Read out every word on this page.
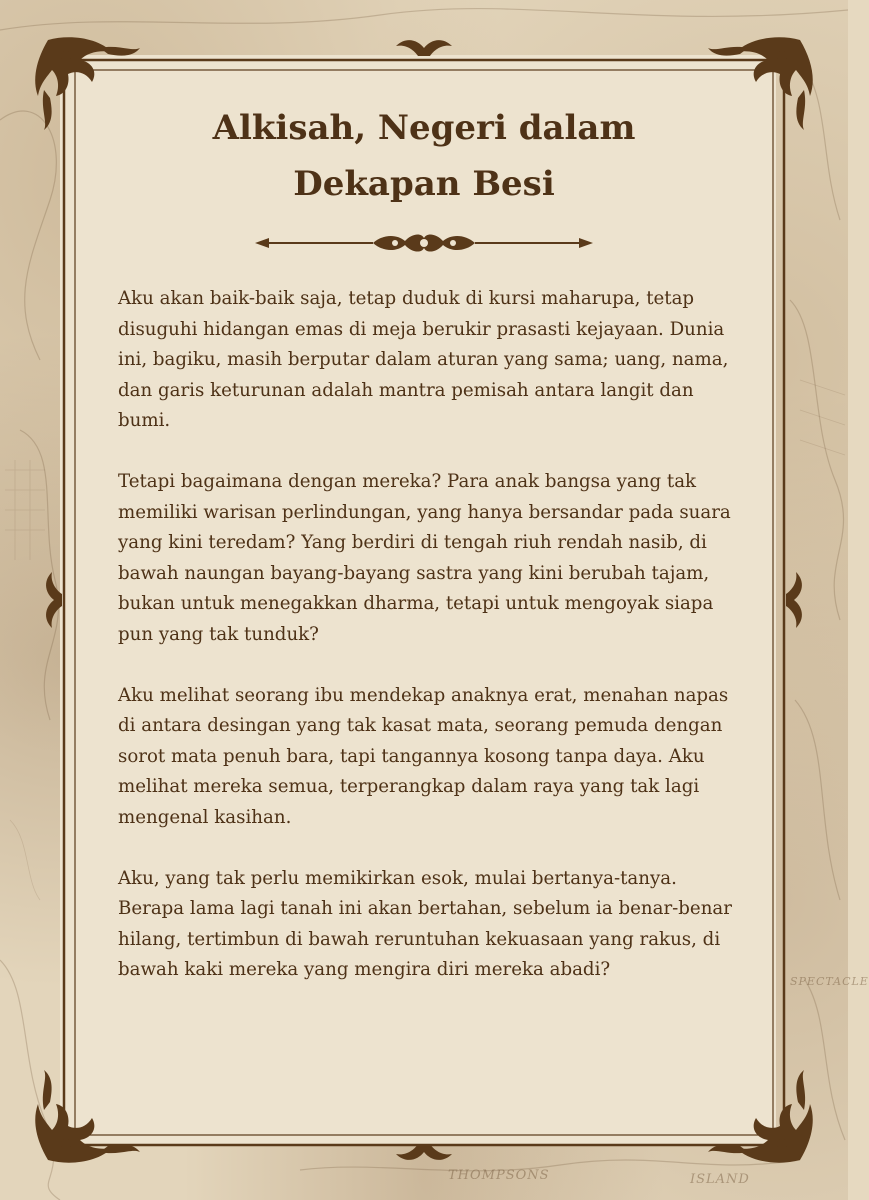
THOMPSONS	ISLAND
SPECTACLE
Alkisah, Negeri dalam
Dekapan Besi

Aku akan baik-baik saja, tetap duduk di kursi maharupa, tetap disuguhi hidangan emas di meja berukir prasasti kejayaan. Dunia ini, bagiku, masih berputar dalam aturan yang sama; uang, nama, dan garis keturunan adalah mantra pemisah antara langit dan bumi.

Tetapi bagaimana dengan mereka? Para anak bangsa yang tak memiliki warisan perlindungan, yang hanya bersandar pada suara yang kini teredam? Yang berdiri di tengah riuh rendah nasib, di bawah naungan bayang-bayang sastra yang kini berubah tajam, bukan untuk menegakkan dharma, tetapi untuk mengoyak siapa pun yang tak tunduk?

Aku melihat seorang ibu mendekap anaknya erat, menahan napas di antara desingan yang tak kasat mata, seorang pemuda dengan sorot mata penuh bara, tapi tangannya kosong tanpa daya. Aku melihat mereka semua, terperangkap dalam raya yang tak lagi mengenal kasihan.

Aku, yang tak perlu memikirkan esok, mulai bertanya-tanya. Berapa lama lagi tanah ini akan bertahan, sebelum ia benar-benar hilang, tertimbun di bawah reruntuhan kekuasaan yang rakus, di bawah kaki mereka yang mengira diri mereka abadi?
